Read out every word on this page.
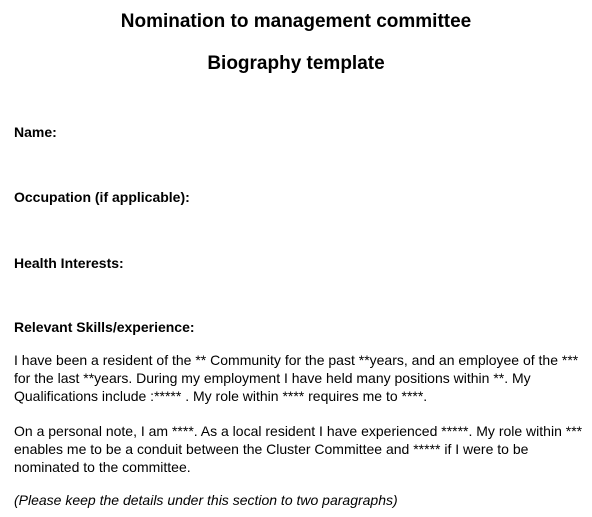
Nomination to management committee
Biography template

Name:

Occupation (if applicable):

Health Interests:

Relevant Skills/experience:

I have been a resident of the ** Community for the past **years, and an employee of the *** for the last **years. During my employment I have held many positions within **. My Qualifications include :***** . My role within **** requires me to ****.

On a personal note, I am ****. As a local resident I have experienced *****. My role within *** enables me to be a conduit between the Cluster Committee and ***** if I were to be nominated to the committee.

(Please keep the details under this section to two paragraphs)
